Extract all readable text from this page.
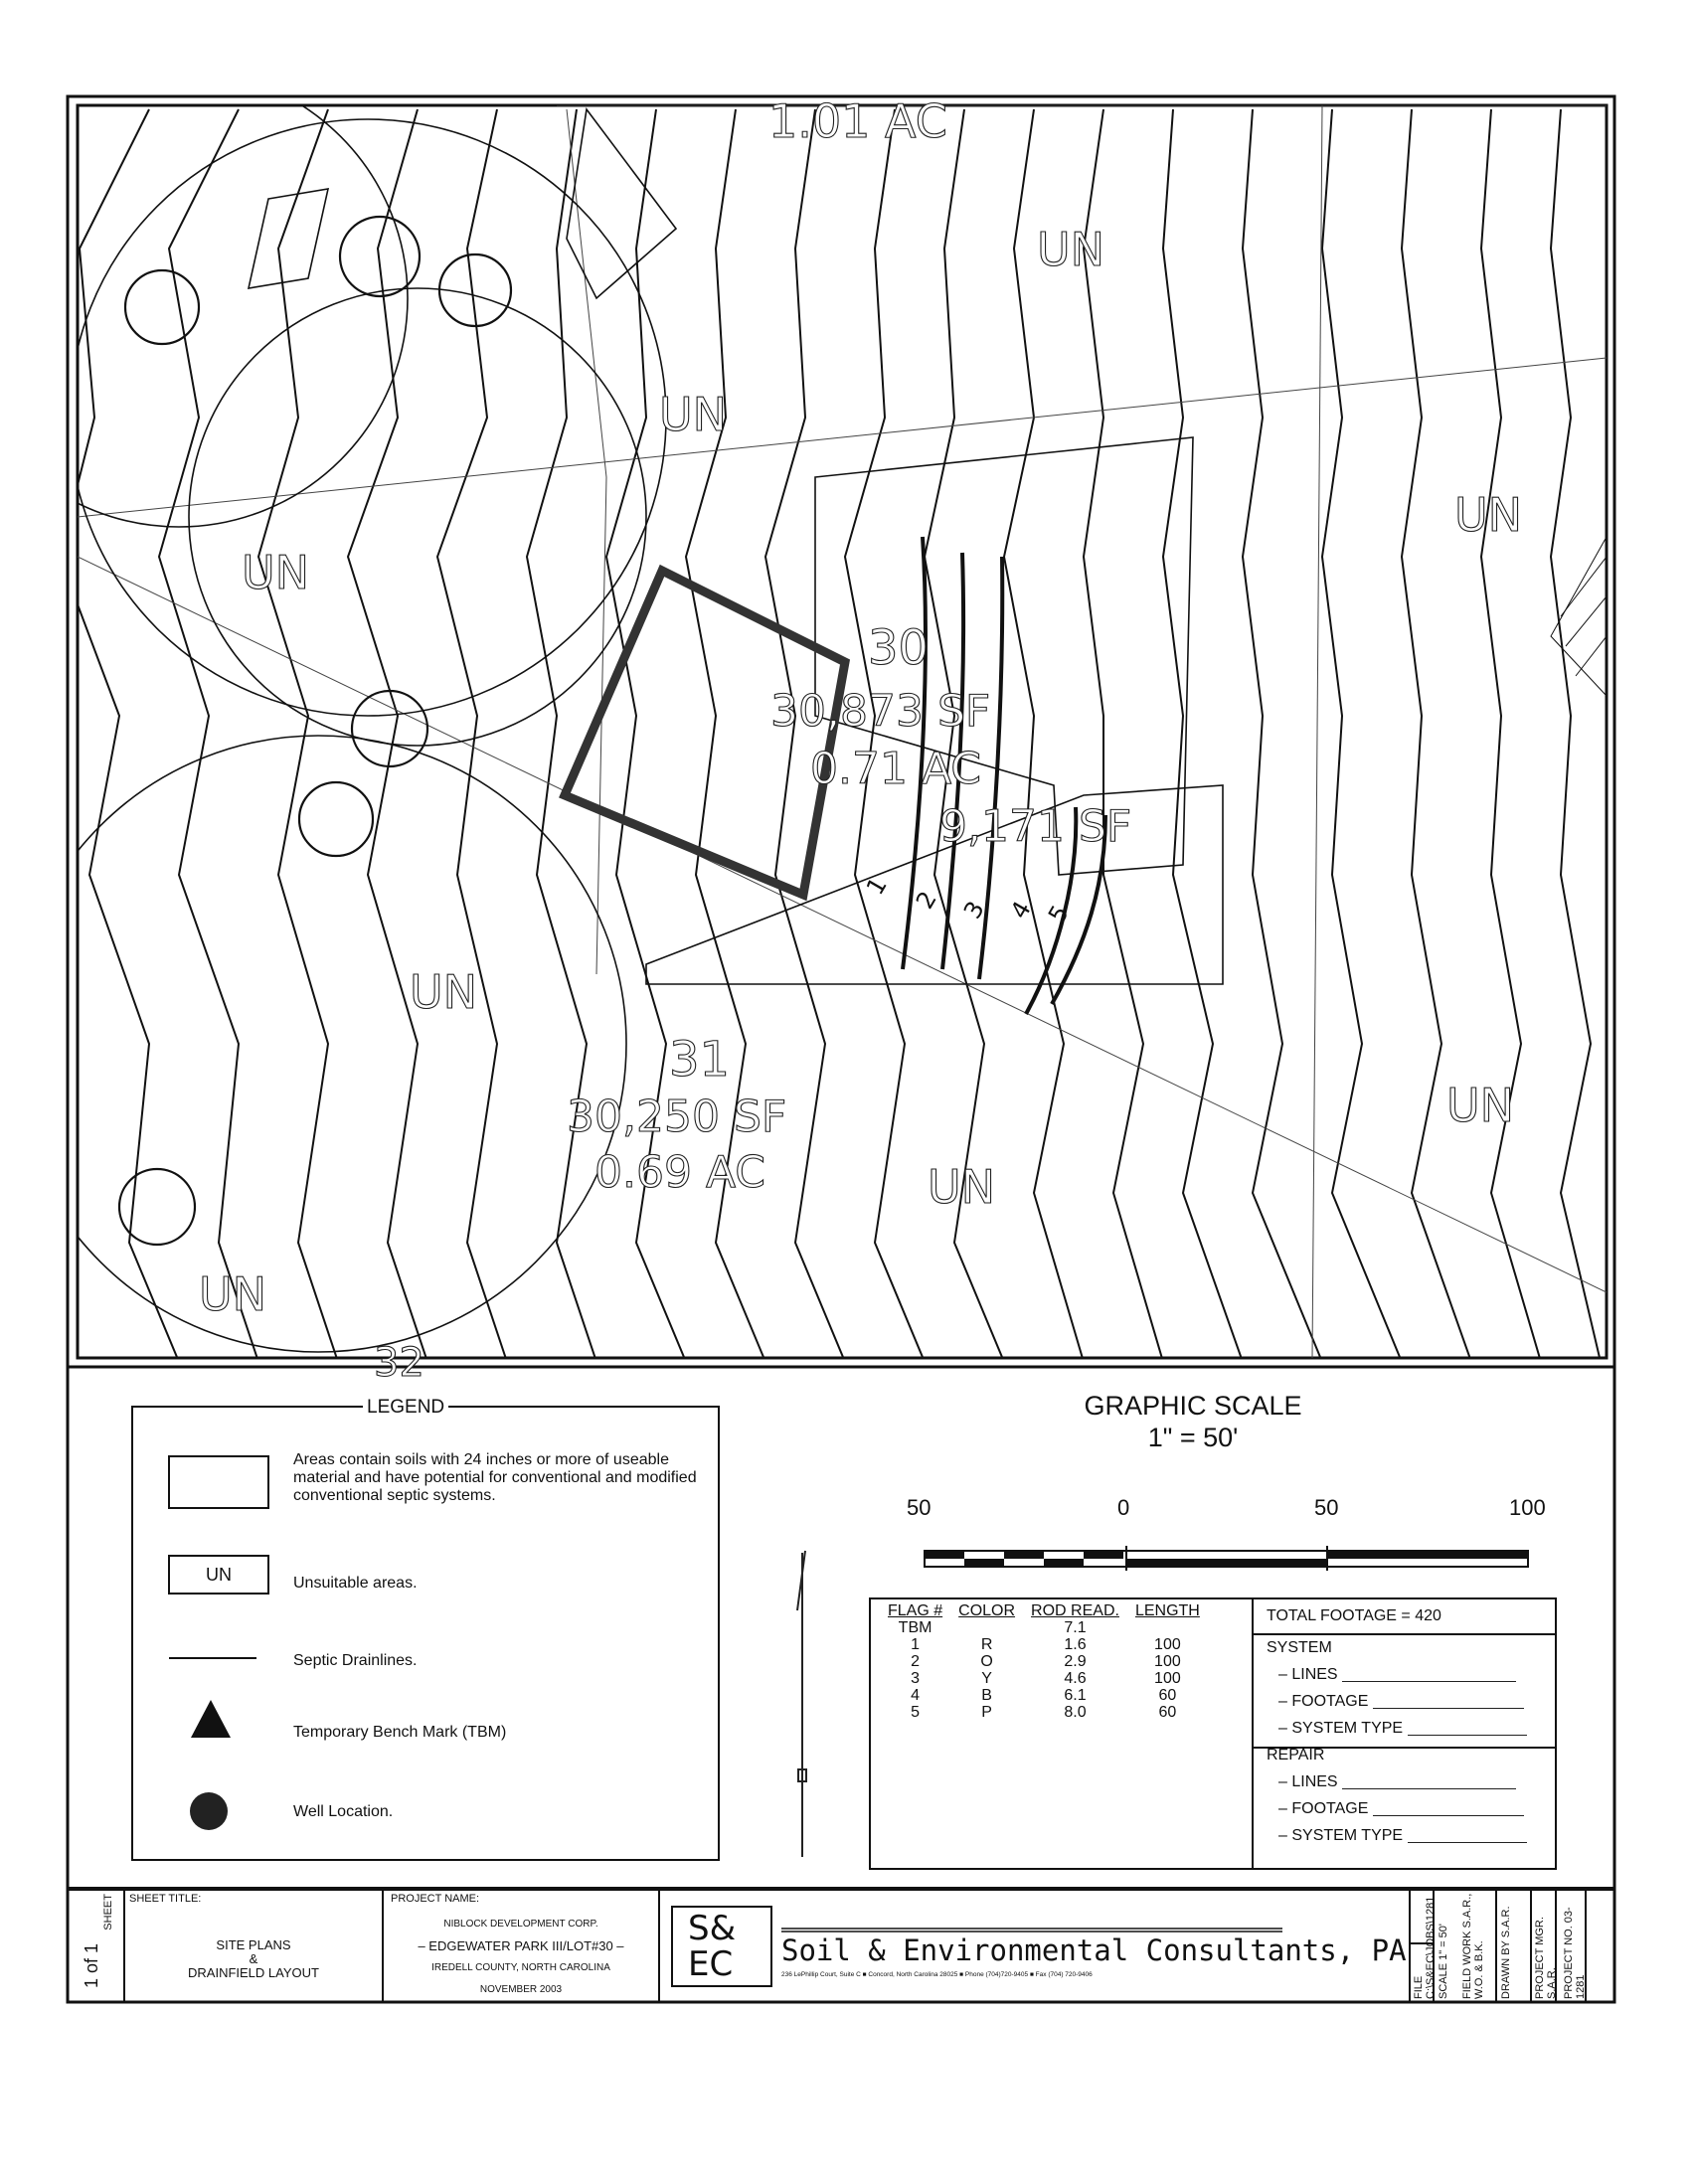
1.01 AC
UN
UN
UN
UN
UN
UN
UN
UN
30
30,873 SF
0.71 AC
9,171 SF
31
30,250 SF
0.69 AC
32
1
2 3 4 5
LEGEND
Areas contain soils with 24 inches or more of useable material and have potential for conventional and modified conventional septic systems.
UN	Unsuitable areas.
Septic Drainlines.
Temporary Bench Mark (TBM)
Well Location.
GRAPHIC SCALE
1" = 50'
50	0	50	100
FLAG #	COLOR	ROD READ.	LENGTH
TBM		7.1	
1	R	1.6	100
2	O	2.9	100
3	Y	4.6	100
4	B	6.1	60
5	P	8.0	60
TOTAL FOOTAGE = 420
SYSTEM
– LINES
– FOOTAGE
– SYSTEM TYPE
REPAIR
– LINES
– FOOTAGE
– SYSTEM TYPE
SHEET
1 of 1
SHEET TITLE:
SITE PLANS
&
DRAINFIELD LAYOUT
PROJECT NAME:
NIBLOCK DEVELOPMENT CORP.
– EDGEWATER PARK III/LOT#30 –
IREDELL COUNTY, NORTH CAROLINA
NOVEMBER 2003
S&
EC Soil & Environmental Consultants, PA
236 LePhillip Court, Suite C ■ Concord, North Carolina 28025 ■ Phone (704)720-9405 ■ Fax (704) 720-9406
FILE C:\S&EC\JOBS\1281 SCALE 1" = 50' FIELD WORK S.A.R., W.O. & B.K. DRAWN BY S.A.R. PROJECT MGR. S.A.R. PROJECT NO. 03-1281
